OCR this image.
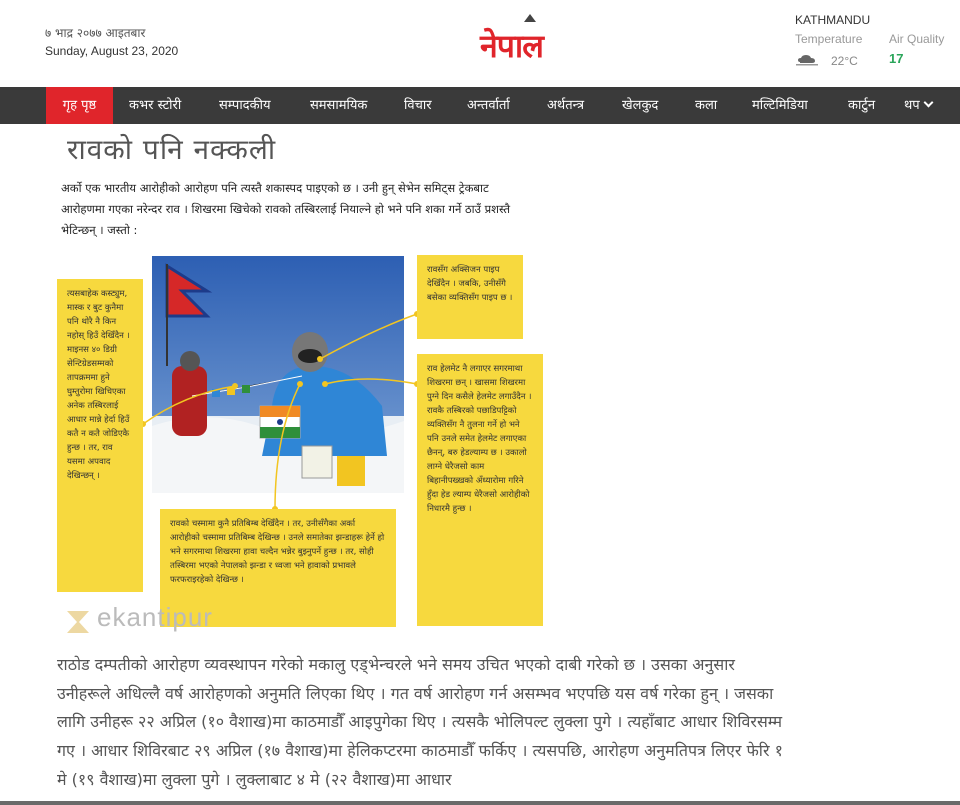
७ भाद्र २०७७ आइतबार
Sunday, August 23, 2020	नेपाल
KATHMANDU
Temperature Air Quality
22°C 17
गृह पृष्ठ	कभर स्टोरी	सम्पादकीय	समसामयिक	विचार	अन्तर्वार्ता	अर्थतन्त्र	खेलकुद	कला	मल्टिमिडिया	कार्टुन थप
रावको पनि नक्कली
अर्को एक भारतीय आरोहीको आरोहण पनि त्यस्तै शकास्पद पाइएको छ । उनी हुन् सेभेन समिट्स ट्रेकबाट आरोहणमा गएका नरेन्दर राव । शिखरमा खिचेको रावको तस्बिरलाई नियाल्ने हो भने पनि शका गर्ने ठाउँ प्रशस्तै भेटिन्छन् । जस्तो :
त्यसबाहेक कस्ट्युम, मास्क र बुट कुनैमा पनि थोरै नै किन नहोस् हिउँ देखिँदैन । माइनस ४० डिग्री सेन्टिग्रेडसम्मको तापक्रममा हुने घुम्तुरोमा खिचिएका अनेक तस्बिरलाई आधार मान्ने हेर्दा हिउँ कतै न कतै जोडिएकै हुन्छ । तर, राव यसमा अपवाद देखिन्छन् ।
रावसँग अक्सिजन पाइप देखिँदैन । जबकि, उनीसँगै बसेका व्यक्तिसँग पाइप छ ।
राव हेलमेट नै लगाएर सगरमाथा शिखरमा छन् । खासमा शिखरमा पुग्ने दिन कसैले हेलमेट लगाउँदैन । रावकै तस्बिरको पछाडिपट्टिको व्यक्तिसँग नै तुलना गर्ने हो भने पनि उनले समेत हेलमेट लगाएका छैनन्, बरु हेडल्याम्प छ । उकालो लाग्ने धेरैजसो काम बिहानीपख्खको अँध्यारोमा गरिने हुँदा हेड ल्याम्प धेरैजसो आरोहीको निधारमै हुन्छ ।
रावको चस्मामा कुनै प्रतिबिम्ब देखिँदैन । तर, उनीसँगैका अर्का आरोहीको चस्मामा प्रतिबिम्ब देखिन्छ । उनले समातेका झन्डाहरू हेर्ने हो भने सगरमाथा शिखरमा हावा चल्दैन भन्नेर बुझ्नुपर्ने हुन्छ । तर, सोही तस्बिरमा भएको नेपालको झन्डा र ध्वजा भने हावाको प्रभावले फरफराइरहेको देखिन्छ ।
ekantipur
राठोड दम्पतीको आरोहण व्यवस्थापन गरेको मकालु एड्भेन्चरले भने समय उचित भएको दाबी गरेको छ । उसका अनुसार उनीहरूले अधिल्लै वर्ष आरोहणको अनुमति लिएका थिए । गत वर्ष आरोहण गर्न असम्भव भएपछि यस वर्ष गरेका हुन् । जसका लागि उनीहरू २२ अप्रिल (१० वैशाख)मा काठमाडौँ आइपुगेका थिए । त्यसकै भोलिपल्ट लुक्ला पुगे । त्यहाँबाट आधार शिविरसम्म गए । आधार शिविरबाट २९ अप्रिल (१७ वैशाख)मा हेलिकप्टरमा काठमाडौँ फर्किए । त्यसपछि, आरोहण अनुमतिपत्र लिएर फेरि १ मे (१९ वैशाख)मा लुक्ला पुगे । लुक्लाबाट ४ मे (२२ वैशाख)मा आधार
